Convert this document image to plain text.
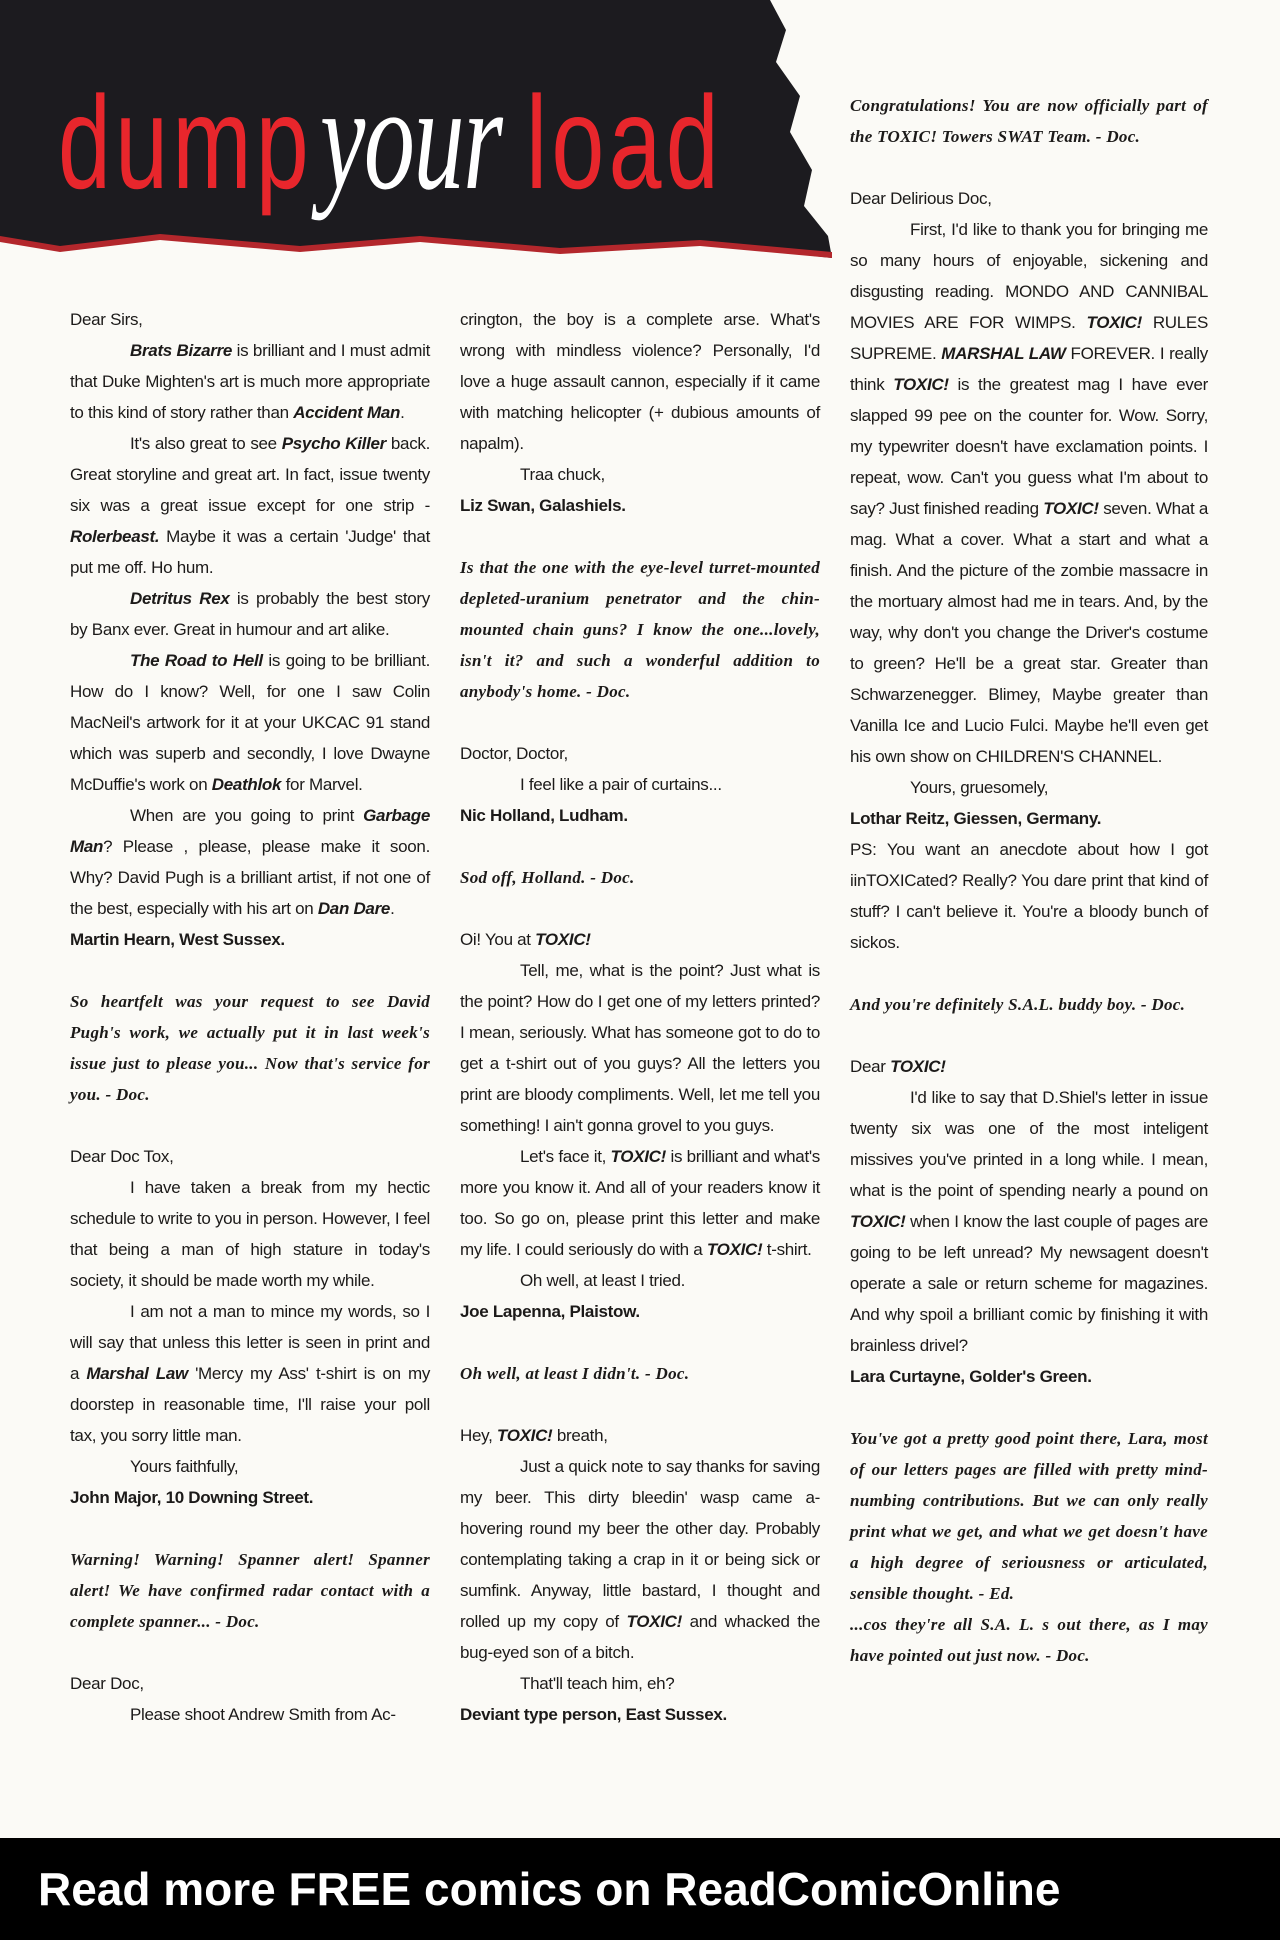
dump your load

Dear Sirs,

Brats Bizarre is brilliant and I must admit that Duke Mighten's art is much more appropriate to this kind of story rather than Accident Man.

It's also great to see Psycho Killer back. Great storyline and great art. In fact, issue twenty six was a great issue except for one strip - Rolerbeast. Maybe it was a certain 'Judge' that put me off. Ho hum.

Detritus Rex is probably the best story by Banx ever. Great in humour and art alike.

The Road to Hell is going to be brilliant. How do I know? Well, for one I saw Colin MacNeil's artwork for it at your UKCAC 91 stand which was superb and secondly, I love Dwayne McDuffie's work on Deathlok for Marvel.

When are you going to print Garbage Man? Please , please, please make it soon. Why? David Pugh is a brilliant artist, if not one of the best, especially with his art on Dan Dare.

Martin Hearn, West Sussex.

So heartfelt was your request to see David Pugh's work, we actually put it in last week's issue just to please you... Now that's service for you. - Doc.

Dear Doc Tox,

I have taken a break from my hectic schedule to write to you in person. However, I feel that being a man of high stature in today's society, it should be made worth my while.

I am not a man to mince my words, so I will say that unless this letter is seen in print and a Marshal Law 'Mercy my Ass' t-shirt is on my doorstep in reasonable time, I'll raise your poll tax, you sorry little man.

Yours faithfully,

John Major, 10 Downing Street.

Warning! Warning! Spanner alert! Spanner alert! We have confirmed radar contact with a complete spanner... - Doc.

Dear Doc,

Please shoot Andrew Smith from Ac-

crington, the boy is a complete arse. What's wrong with mindless violence? Personally, I'd love a huge assault cannon, especially if it came with matching helicopter (+ dubious amounts of napalm).

Traa chuck,

Liz Swan, Galashiels.

Is that the one with the eye-level turret-mounted depleted-uranium penetrator and the chin-mounted chain guns? I know the one...lovely, isn't it? and such a wonderful addition to anybody's home. - Doc.

Doctor, Doctor,

I feel like a pair of curtains...

Nic Holland, Ludham.

Sod off, Holland. - Doc.

Oi! You at TOXIC!

Tell, me, what is the point? Just what is the point? How do I get one of my letters printed? I mean, seriously. What has someone got to do to get a t-shirt out of you guys? All the letters you print are bloody compliments. Well, let me tell you something! I ain't gonna grovel to you guys.

Let's face it, TOXIC! is brilliant and what's more you know it. And all of your readers know it too. So go on, please print this letter and make my life. I could seriously do with a TOXIC! t-shirt.

Oh well, at least I tried.

Joe Lapenna, Plaistow.

Oh well, at least I didn't. - Doc.

Hey, TOXIC! breath,

Just a quick note to say thanks for saving my beer. This dirty bleedin' wasp came a-hovering round my beer the other day. Probably contemplating taking a crap in it or being sick or sumfink. Anyway, little bastard, I thought and rolled up my copy of TOXIC! and whacked the bug-eyed son of a bitch.

That'll teach him, eh?

Deviant type person, East Sussex.

Congratulations! You are now officially part of the TOXIC! Towers SWAT Team. - Doc.

Dear Delirious Doc,

First, I'd like to thank you for bringing me so many hours of enjoyable, sickening and disgusting reading. MONDO AND CANNIBAL MOVIES ARE FOR WIMPS. TOXIC! RULES SUPREME. MARSHAL LAW FOREVER. I really think TOXIC! is the greatest mag I have ever slapped 99 pee on the counter for. Wow. Sorry, my typewriter doesn't have exclamation points. I repeat, wow. Can't you guess what I'm about to say? Just finished reading TOXIC! seven. What a mag. What a cover. What a start and what a finish. And the picture of the zombie massacre in the mortuary almost had me in tears. And, by the way, why don't you change the Driver's costume to green? He'll be a great star. Greater than Schwarzenegger. Blimey, Maybe greater than Vanilla Ice and Lucio Fulci. Maybe he'll even get his own show on CHILDREN'S CHANNEL.

Yours, gruesomely,

Lothar Reitz, Giessen, Germany.

PS: You want an anecdote about how I got iinTOXICated? Really? You dare print that kind of stuff? I can't believe it. You're a bloody bunch of sickos.

And you're definitely S.A.L. buddy boy. - Doc.

Dear TOXIC!

I'd like to say that D.Shiel's letter in issue twenty six was one of the most inteligent missives you've printed in a long while. I mean, what is the point of spending nearly a pound on TOXIC! when I know the last couple of pages are going to be left unread? My newsagent doesn't operate a sale or return scheme for magazines. And why spoil a brilliant comic by finishing it with brainless drivel?

Lara Curtayne, Golder's Green.

You've got a pretty good point there, Lara, most of our letters pages are filled with pretty mind-numbing contributions. But we can only really print what we get, and what we get doesn't have a high degree of seriousness or articulated, sensible thought. - Ed.

...cos they're all S.A. L. s out there, as I may have pointed out just now. - Doc.

Read more FREE comics on ReadComicOnline
